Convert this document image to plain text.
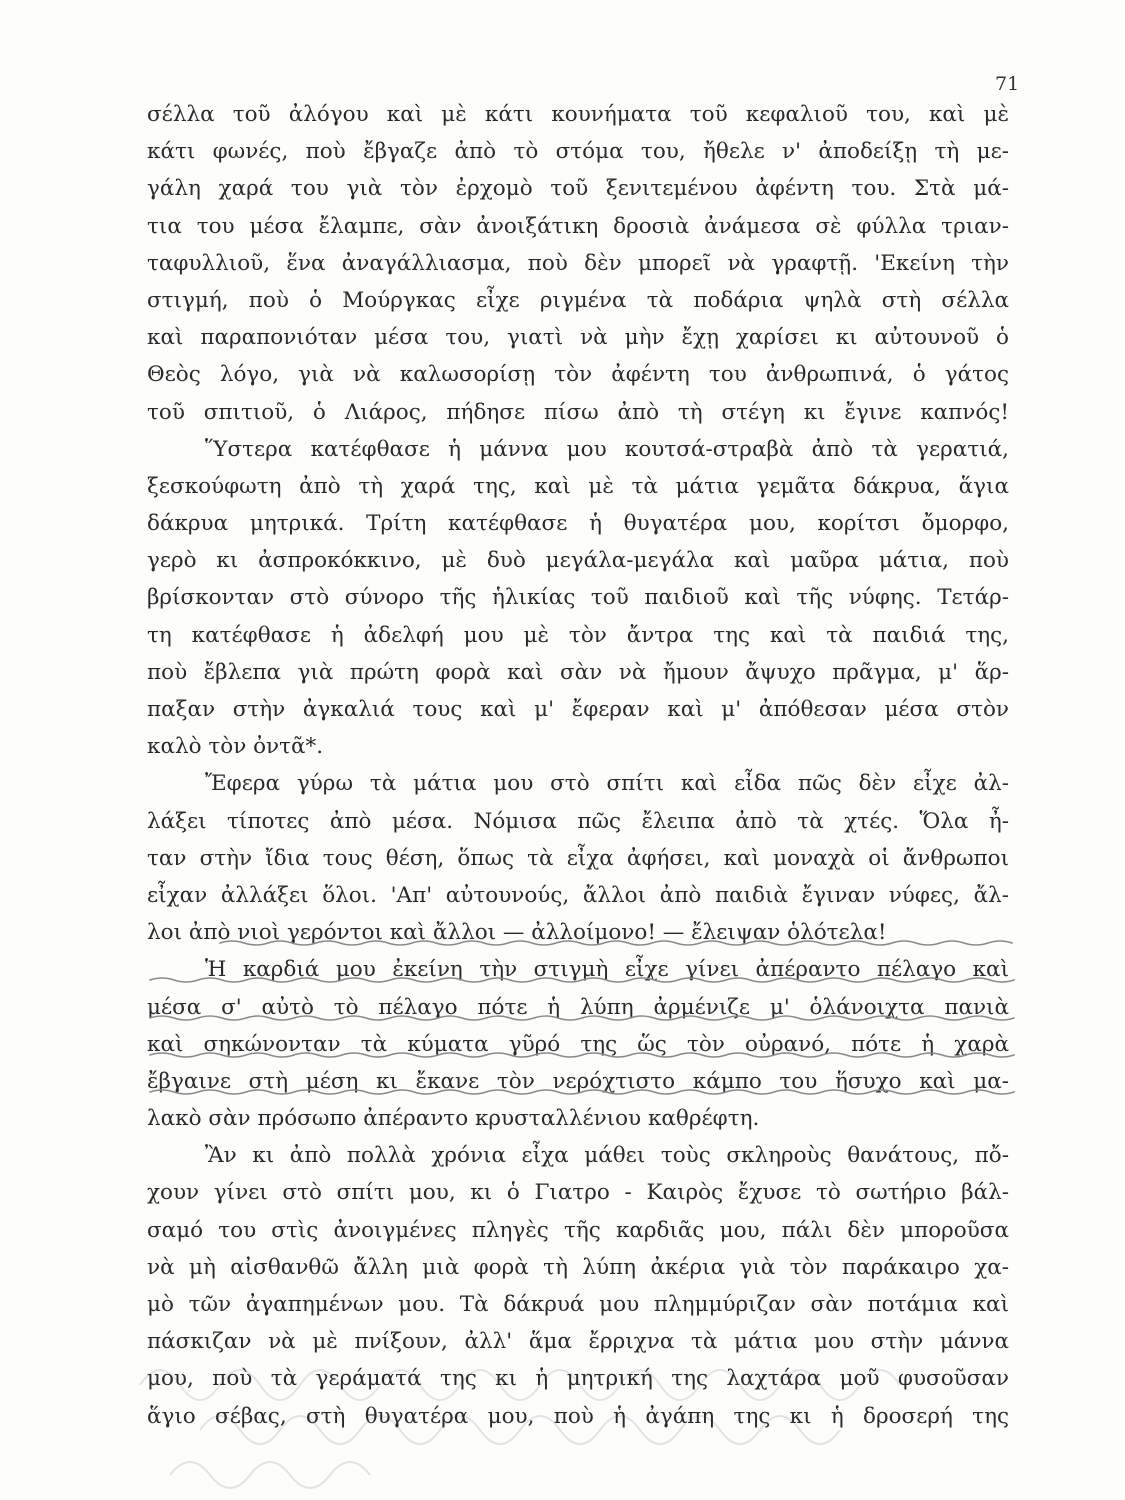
71
σέλλα τοῦ ἀλόγου καὶ μὲ κάτι κουνήματα τοῦ κεφαλιοῦ του, καὶ μὲ
κάτι φωνές, ποὺ ἔβγαζε ἀπὸ τὸ στόμα του, ἤθελε ν' ἀποδείξῃ τὴ με-
γάλη χαρά του γιὰ τὸν ἐρχομὸ τοῦ ξενιτεμένου ἀφέντη του. Στὰ μά-
τια του μέσα ἔλαμπε, σὰν ἀνοιξάτικη δροσιὰ ἀνάμεσα σὲ φύλλα τριαν-
ταφυλλιοῦ, ἕνα ἀναγάλλιασμα, ποὺ δὲν μπορεῖ νὰ γραφτῇ. 'Εκείνη τὴν
στιγμή, ποὺ ὁ Μούργκας εἶχε ριγμένα τὰ ποδάρια ψηλὰ στὴ σέλλα
καὶ παραπονιόταν μέσα του, γιατὶ νὰ μὴν ἔχῃ χαρίσει κι αὐτουνοῦ ὁ
Θεὸς λόγο, γιὰ νὰ καλωσορίσῃ τὸν ἀφέντη του ἀνθρωπινά, ὁ γάτος
τοῦ σπιτιοῦ, ὁ Λιάρος, πήδησε πίσω ἀπὸ τὴ στέγη κι ἔγινε καπνός!
Ὕστερα κατέφθασε ἡ μάννα μου κουτσά-στραβὰ ἀπὸ τὰ γερατιά,
ξεσκούφωτη ἀπὸ τὴ χαρά της, καὶ μὲ τὰ μάτια γεμᾶτα δάκρυα, ἅγια
δάκρυα μητρικά. Τρίτη κατέφθασε ἡ θυγατέρα μου, κορίτσι ὄμορφο,
γερὸ κι ἀσπροκόκκινο, μὲ δυὸ μεγάλα-μεγάλα καὶ μαῦρα μάτια, ποὺ
βρίσκονταν στὸ σύνορο τῆς ἡλικίας τοῦ παιδιοῦ καὶ τῆς νύφης. Τετάρ-
τη κατέφθασε ἡ ἀδελφή μου μὲ τὸν ἄντρα της καὶ τὰ παιδιά της,
ποὺ ἔβλεπα γιὰ πρώτη φορὰ καὶ σὰν νὰ ἤμουν ἄψυχο πρᾶγμα, μ' ἅρ-
παξαν στὴν ἀγκαλιά τους καὶ μ' ἔφεραν καὶ μ' ἀπόθεσαν μέσα στὸν
καλὸ τὸν ὀντᾶ*.
Ἔφερα γύρω τὰ μάτια μου στὸ σπίτι καὶ εἶδα πῶς δὲν εἶχε ἀλ-
λάξει τίποτες ἀπὸ μέσα. Νόμισα πῶς ἔλειπα ἀπὸ τὰ χτές. Ὅλα ἦ-
ταν στὴν ἴδια τους θέση, ὅπως τὰ εἶχα ἀφήσει, καὶ μοναχὰ οἱ ἄνθρωποι
εἶχαν ἀλλάξει ὅλοι. 'Απ' αὐτουνούς, ἄλλοι ἀπὸ παιδιὰ ἔγιναν νύφες, ἄλ-
λοι ἀπὸ νιοὶ γερόντοι καὶ ἄλλοι — ἀλλοίμονο! — ἔλειψαν ὁλότελα!
Ἡ καρδιά μου ἐκείνη τὴν στιγμὴ εἶχε γίνει ἀπέραντο πέλαγο καὶ
μέσα σ' αὐτὸ τὸ πέλαγο πότε ἡ λύπη ἀρμένιζε μ' ὁλάνοιχτα πανιὰ
καὶ σηκώνονταν τὰ κύματα γῦρό της ὥς τὸν οὐρανό, πότε ἡ χαρὰ
ἔβγαινε στὴ μέση κι ἔκανε τὸν νερόχτιστο κάμπο του ἥσυχο καὶ μα-
λακὸ σὰν πρόσωπο ἀπέραντο κρυσταλλένιου καθρέφτη.
Ἂν κι ἀπὸ πολλὰ χρόνια εἶχα μάθει τοὺς σκληροὺς θανάτους, πὄ-
χουν γίνει στὸ σπίτι μου, κι ὁ Γιατρο - Καιρὸς ἔχυσε τὸ σωτήριο βάλ-
σαμό του στὶς ἀνοιγμένες πληγὲς τῆς καρδιᾶς μου, πάλι δὲν μποροῦσα
νὰ μὴ αἰσθανθῶ ἄλλη μιὰ φορὰ τὴ λύπη ἀκέρια γιὰ τὸν παράκαιρο χα-
μὸ τῶν ἀγαπημένων μου. Τὰ δάκρυά μου πλημμύριζαν σὰν ποτάμια καὶ
πάσκιζαν νὰ μὲ πνίξουν, ἀλλ' ἅμα ἔρριχνα τὰ μάτια μου στὴν μάννα
μου, ποὺ τὰ γεράματά της κι ἡ μητρική της λαχτάρα μοῦ φυσοῦσαν
ἅγιο σέβας, στὴ θυγατέρα μου, ποὺ ἡ ἀγάπη της κι ἡ δροσερή της
